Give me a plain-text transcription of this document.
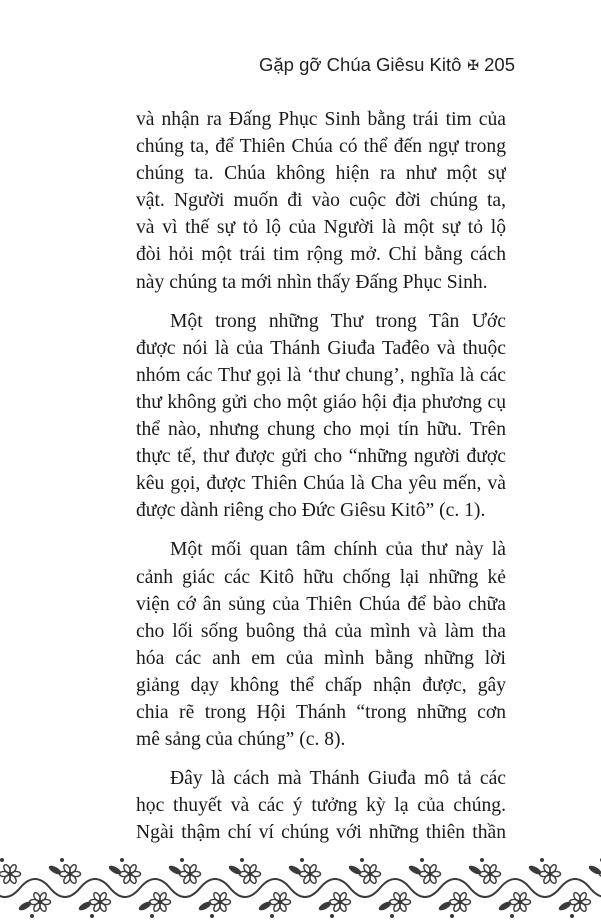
Gặp gỡ Chúa Giêsu Kitô ✠ 205
và nhận ra Đấng Phục Sinh bằng trái tim của
chúng ta, để Thiên Chúa có thể đến ngự trong
chúng ta. Chúa không hiện ra như một sự
vật. Người muốn đi vào cuộc đời chúng ta,
và vì thế sự tỏ lộ của Người là một sự tỏ lộ
đòi hỏi một trái tim rộng mở. Chỉ bằng cách
này chúng ta mới nhìn thấy Đấng Phục Sinh.
Một trong những Thư trong Tân Ước
được nói là của Thánh Giuđa Tađêo và thuộc
nhóm các Thư gọi là ‘thư chung’, nghĩa là các
thư không gửi cho một giáo hội địa phương cụ
thể nào, nhưng chung cho mọi tín hữu. Trên
thực tế, thư được gửi cho “những người được
kêu gọi, được Thiên Chúa là Cha yêu mến, và
được dành riêng cho Đức Giêsu Kitô” (c. 1).
Một mối quan tâm chính của thư này là
cảnh giác các Kitô hữu chống lại những kẻ
viện cớ ân sủng của Thiên Chúa để bào chữa
cho lối sống buông thả của mình và làm tha
hóa các anh em của mình bằng những lời
giảng dạy không thể chấp nhận được, gây
chia rẽ trong Hội Thánh “trong những cơn
mê sảng của chúng” (c. 8).
Đây là cách mà Thánh Giuđa mô tả các
học thuyết và các ý tưởng kỳ lạ của chúng.
Ngài thậm chí ví chúng với những thiên thần
